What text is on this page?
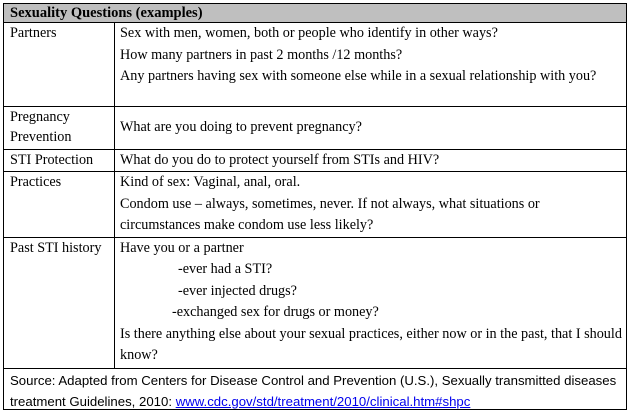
Sexuality Questions (examples)
Partners	Sex with men, women, both or people who identify in other ways?
How many partners in past 2 months /12 months?
Any partners having sex with someone else while in a sexual relationship with you?

Pregnancy Prevention	What are you doing to prevent pregnancy?

STI Protection	What do you do to protect yourself from STIs and HIV?

Practices	Kind of sex: Vaginal, anal, oral.
Condom use – always, sometimes, never. If not always, what situations or circumstances make condom use less likely?

Past STI history	Have you or a partner
-ever had a STI?
-ever injected drugs?
-exchanged sex for drugs or money?
Is there anything else about your sexual practices, either now or in the past, that I should know?
Source: Adapted from Centers for Disease Control and Prevention (U.S.), Sexually transmitted diseases treatment Guidelines, 2010: www.cdc.gov/std/treatment/2010/clinical.htm#shpc
